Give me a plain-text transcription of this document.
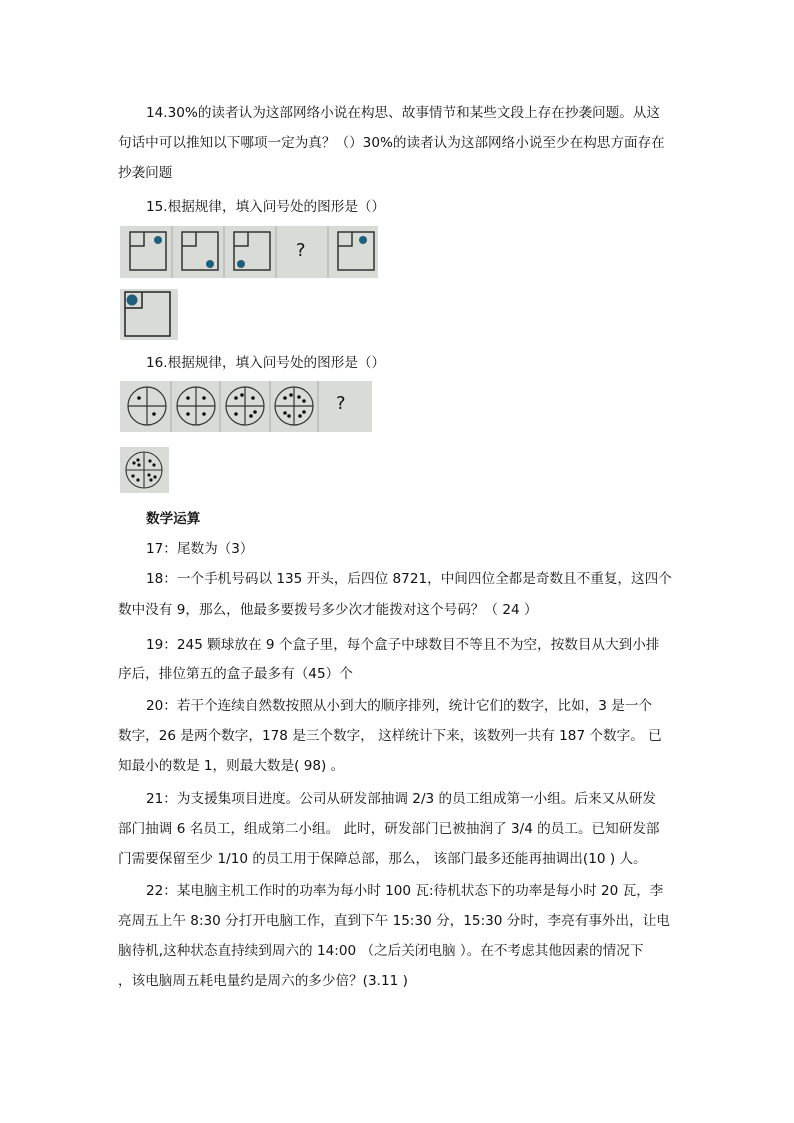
14.30%的读者认为这部网络小说在构思、故事情节和某些文段上存在抄袭问题。从这
句话中可以推知以下哪项一定为真？（）30%的读者认为这部网络小说至少在构思方面存在
抄袭问题
15.根据规律，填入问号处的图形是（）
?
16.根据规律，填入问号处的图形是（）
?
数学运算
17：尾数为（3）
18：一个手机号码以 135 开头，后四位 8721，中间四位全都是奇数且不重复，这四个
数中没有 9，那么，他最多要拨号多少次才能拨对这个号码？（ 24 ）
19：245 颗球放在 9 个盒子里，每个盒子中球数目不等且不为空，按数目从大到小排
序后，排位第五的盒子最多有（45）个
20：若干个连续自然数按照从小到大的顺序排列，统计它们的数字，比如，3 是一个
数字，26 是两个数字，178 是三个数字， 这样统计下来，该数列一共有 187 个数字。 已
知最小的数是 1，则最大数是( 98) 。
21：为支援集项目进度。公司从研发部抽调 2/3 的员工组成第一小组。后来又从研发
部门抽调 6 名员工，组成第二小组。 此时，研发部门已被抽润了 3/4 的员工。已知研发部
门需要保留至少 1/10 的员工用于保障总部，那么， 该部门最多还能再抽调出(10 ) 人。
22：某电脑主机工作时的功率为每小时 100 瓦:待机状态下的功率是每小时 20 瓦，李
亮周五上午 8:30 分打开电脑工作，直到下午 15:30 分，15:30 分时，李亮有事外出，让电
脑待机,这种状态直持续到周六的 14:00 （之后关闭电脑 ）。在不考虑其他因素的情况下
，该电脑周五耗电量约是周六的多少倍？(3.11 )
